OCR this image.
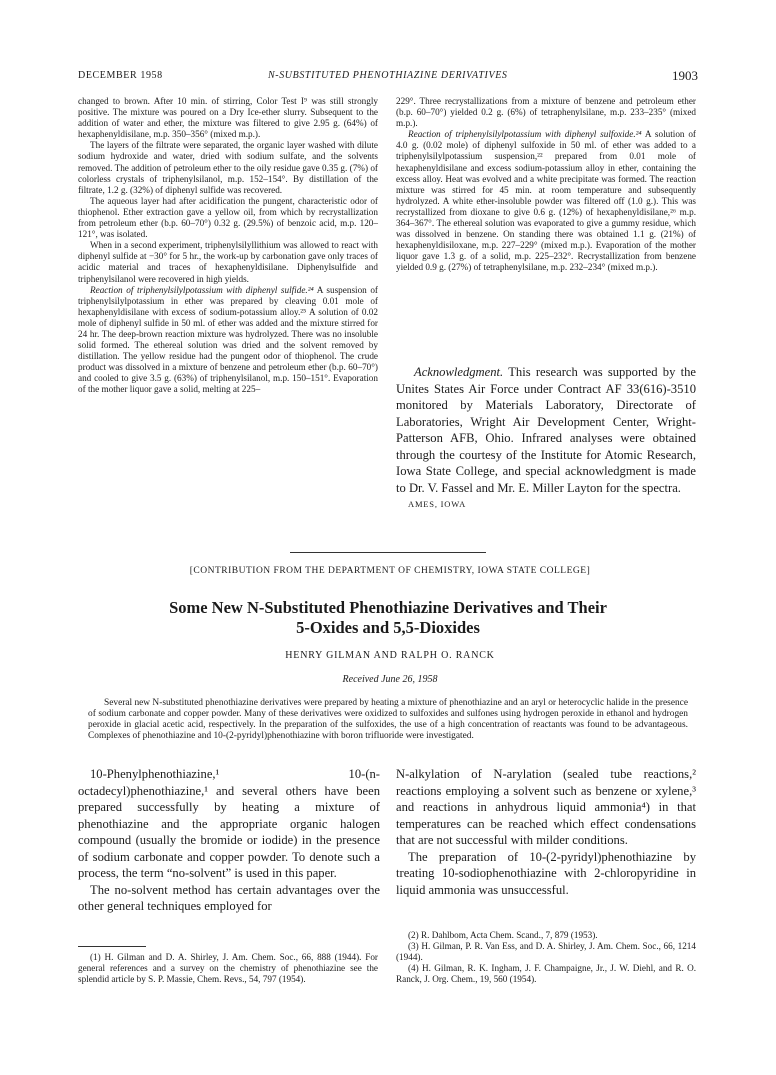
DECEMBER 1958	N-SUBSTITUTED PHENOTHIAZINE DERIVATIVES	1903

changed to brown. After 10 min. of stirring, Color Test I⁹ was still strongly positive. The mixture was poured on a Dry Ice-ether slurry. Subsequent to the addition of water and ether, the mixture was filtered to give 2.95 g. (64%) of hexaphenyldisilane, m.p. 350–356° (mixed m.p.).

The layers of the filtrate were separated, the organic layer washed with dilute sodium hydroxide and water, dried with sodium sulfate, and the solvents removed. The addition of petroleum ether to the oily residue gave 0.35 g. (7%) of colorless crystals of triphenylsilanol, m.p. 152–154°. By distillation of the filtrate, 1.2 g. (32%) of diphenyl sulfide was recovered.

The aqueous layer had after acidification the pungent, characteristic odor of thiophenol. Ether extraction gave a yellow oil, from which by recrystallization from petroleum ether (b.p. 60–70°) 0.32 g. (29.5%) of benzoic acid, m.p. 120–121°, was isolated.

When in a second experiment, triphenylsilyllithium was allowed to react with diphenyl sulfide at −30° for 5 hr., the work-up by carbonation gave only traces of acidic material and traces of hexaphenyldisilane. Diphenylsulfide and triphenylsilanol were recovered in high yields.

Reaction of triphenylsilylpotassium with diphenyl sulfide.²⁴ A suspension of triphenylsilylpotassium in ether was prepared by cleaving 0.01 mole of hexaphenyldisilane with excess of sodium-potassium alloy.²⁵ A solution of 0.02 mole of diphenyl sulfide in 50 ml. of ether was added and the mixture stirred for 24 hr. The deep-brown reaction mixture was hydrolyzed. There was no insoluble solid formed. The ethereal solution was dried and the solvent removed by distillation. The yellow residue had the pungent odor of thiophenol. The crude product was dissolved in a mixture of benzene and petroleum ether (b.p. 60–70°) and cooled to give 3.5 g. (63%) of triphenylsilanol, m.p. 150–151°. Evaporation of the mother liquor gave a solid, melting at 225–

229°. Three recrystallizations from a mixture of benzene and petroleum ether (b.p. 60–70°) yielded 0.2 g. (6%) of tetraphenylsilane, m.p. 233–235° (mixed m.p.).

Reaction of triphenylsilylpotassium with diphenyl sulfoxide.²⁴ A solution of 4.0 g. (0.02 mole) of diphenyl sulfoxide in 50 ml. of ether was added to a triphenylsilylpotassium suspension,²² prepared from 0.01 mole of hexaphenyldisilane and excess sodium-potassium alloy in ether, containing the excess alloy. Heat was evolved and a white precipitate was formed. The reaction mixture was stirred for 45 min. at room temperature and subsequently hydrolyzed. A white ether-insoluble powder was filtered off (1.0 g.). This was recrystallized from dioxane to give 0.6 g. (12%) of hexaphenyldisilane,²⁶ m.p. 364–367°. The ethereal solution was evaporated to give a gummy residue, which was dissolved in benzene. On standing there was obtained 1.1 g. (21%) of hexaphenyldisiloxane, m.p. 227–229° (mixed m.p.). Evaporation of the mother liquor gave 1.3 g. of a solid, m.p. 225–232°. Recrystallization from benzene yielded 0.9 g. (27%) of tetraphenylsilane, m.p. 232–234° (mixed m.p.).

Acknowledgment. This research was supported by the Unites States Air Force under Contract AF 33(616)-3510 monitored by Materials Laboratory, Directorate of Laboratories, Wright Air Development Center, Wright-Patterson AFB, Ohio. Infrared analyses were obtained through the courtesy of the Institute for Atomic Research, Iowa State College, and special acknowledgment is made to Dr. V. Fassel and Mr. E. Miller Layton for the spectra.

AMES, IOWA

[CONTRIBUTION FROM THE DEPARTMENT OF CHEMISTRY, IOWA STATE COLLEGE]
Some New N-Substituted Phenothiazine Derivatives and Their
5-Oxides and 5,5-Dioxides
HENRY GILMAN AND RALPH O. RANCK
Received June 26, 1958
Several new N-substituted phenothiazine derivatives were prepared by heating a mixture of phenothiazine and an aryl or heterocyclic halide in the presence of sodium carbonate and copper powder. Many of these derivatives were oxidized to sulfoxides and sulfones using hydrogen peroxide in ethanol and hydrogen peroxide in glacial acetic acid, respectively. In the preparation of the sulfoxides, the use of a high concentration of reactants was found to be advantageous. Complexes of phenothiazine and 10-(2-pyridyl)phenothiazine with boron trifluoride were investigated.

10-Phenylphenothiazine,¹ 10-(n-octadecyl)phenothiazine,¹ and several others have been prepared successfully by heating a mixture of phenothiazine and the appropriate organic halogen compound (usually the bromide or iodide) in the presence of sodium carbonate and copper powder. To denote such a process, the term “no-solvent” is used in this paper.

The no-solvent method has certain advantages over the other general techniques employed for

N-alkylation of N-arylation (sealed tube reactions,² reactions employing a solvent such as benzene or xylene,³ and reactions in anhydrous liquid ammonia⁴) in that temperatures can be reached which effect condensations that are not successful with milder conditions.

The preparation of 10-(2-pyridyl)phenothiazine by treating 10-sodiophenothiazine with 2-chloropyridine in liquid ammonia was unsuccessful.

(1) H. Gilman and D. A. Shirley, J. Am. Chem. Soc., 66, 888 (1944). For general references and a survey on the chemistry of phenothiazine see the splendid article by S. P. Massie, Chem. Revs., 54, 797 (1954).

(2) R. Dahlbom, Acta Chem. Scand., 7, 879 (1953).

(3) H. Gilman, P. R. Van Ess, and D. A. Shirley, J. Am. Chem. Soc., 66, 1214 (1944).

(4) H. Gilman, R. K. Ingham, J. F. Champaigne, Jr., J. W. Diehl, and R. O. Ranck, J. Org. Chem., 19, 560 (1954).
